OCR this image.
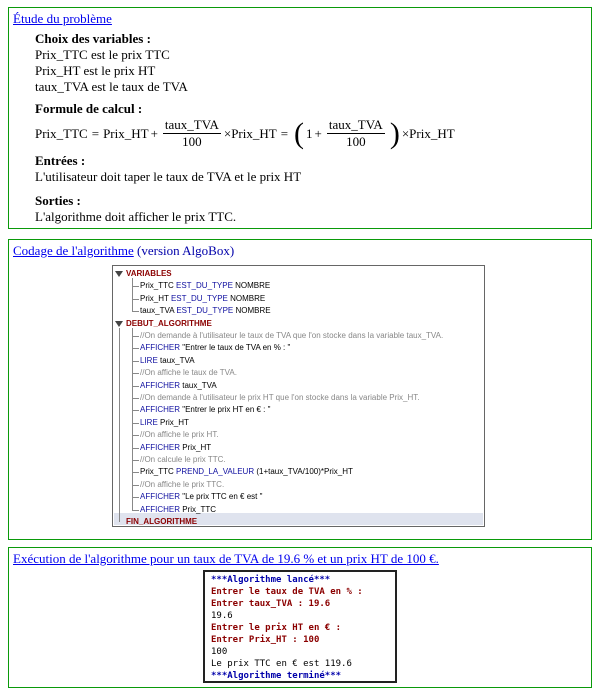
Étude du problème
Choix des variables :
Prix_TTC est le prix TTC
Prix_HT est le prix HT
taux_TVA est le taux de TVA
Formule de calcul :
Prix_TTC = Prix_HT + $\frac{\text{taux\_TVA}}{100}$ × Prix_HT = ( $1 + \frac{\text{taux\_TVA}}{100}$ ) × Prix_HT
Entrées :
L'utilisateur doit taper le taux de TVA et le prix HT
Sorties :
L'algorithme doit afficher le prix TTC.
Codage de l'algorithme (version AlgoBox)
VARIABLES
Prix_TTC EST_DU_TYPE NOMBRE
Prix_HT EST_DU_TYPE NOMBRE
taux_TVA EST_DU_TYPE NOMBRE
DEBUT_ALGORITHME
//On demande à l'utilisateur le taux de TVA que l'on stocke dans la variable taux_TVA.
AFFICHER "Entrer le taux de TVA en % : "
LIRE taux_TVA
//On affiche le taux de TVA.
AFFICHER taux_TVA
//On demande à l'utilisateur le prix HT que l'on stocke dans la variable Prix_HT.
AFFICHER "Entrer le prix HT en € : "
LIRE Prix_HT
//On affiche le prix HT.
AFFICHER Prix_HT
//On calcule le prix TTC.
Prix_TTC PREND_LA_VALEUR (1+taux_TVA/100)*Prix_HT
//On affiche le prix TTC.
AFFICHER "Le prix TTC en € est "
AFFICHER Prix_TTC
FIN_ALGORITHME
Exécution de l'algorithme pour un taux de TVA de 19.6 % et un prix HT de 100 €.
***Algorithme lancé***
Entrer le taux de TVA en % :
Entrer taux_TVA : 19.6
19.6
Entrer le prix HT en € :
Entrer Prix_HT : 100
100
Le prix TTC en € est 119.6
***Algorithme terminé***
